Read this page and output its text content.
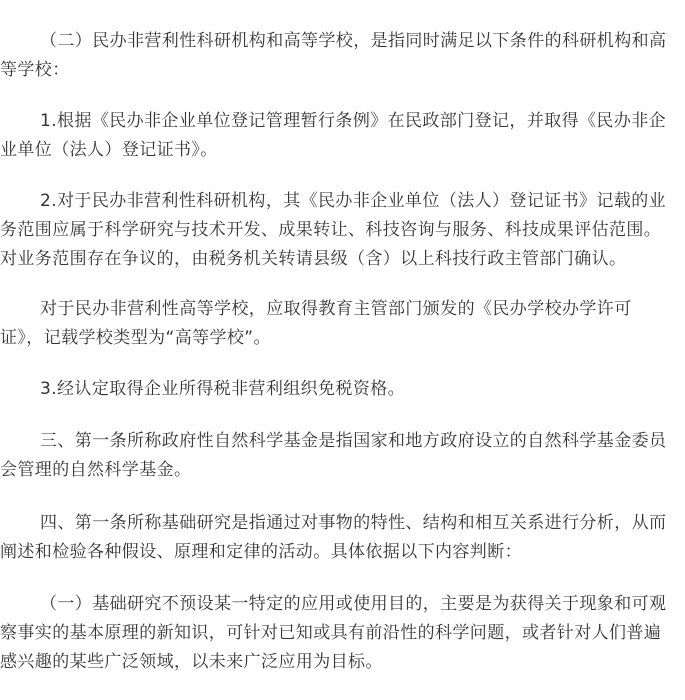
（二）民办非营利性科研机构和高等学校，是指同时满足以下条件的科研机构和高
等学校：

1.根据《民办非企业单位登记管理暂行条例》在民政部门登记，并取得《民办非企
业单位（法人）登记证书》。

2.对于民办非营利性科研机构，其《民办非企业单位（法人）登记证书》记载的业
务范围应属于科学研究与技术开发、成果转让、科技咨询与服务、科技成果评估范围。
对业务范围存在争议的，由税务机关转请县级（含）以上科技行政主管部门确认。

对于民办非营利性高等学校，应取得教育主管部门颁发的《民办学校办学许可
证》，记载学校类型为“高等学校”。

3.经认定取得企业所得税非营利组织免税资格。

三、第一条所称政府性自然科学基金是指国家和地方政府设立的自然科学基金委员
会管理的自然科学基金。

四、第一条所称基础研究是指通过对事物的特性、结构和相互关系进行分析，从而
阐述和检验各种假设、原理和定律的活动。具体依据以下内容判断：

（一）基础研究不预设某一特定的应用或使用目的，主要是为获得关于现象和可观
察事实的基本原理的新知识，可针对已知或具有前沿性的科学问题，或者针对人们普遍
感兴趣的某些广泛领域，以未来广泛应用为目标。
